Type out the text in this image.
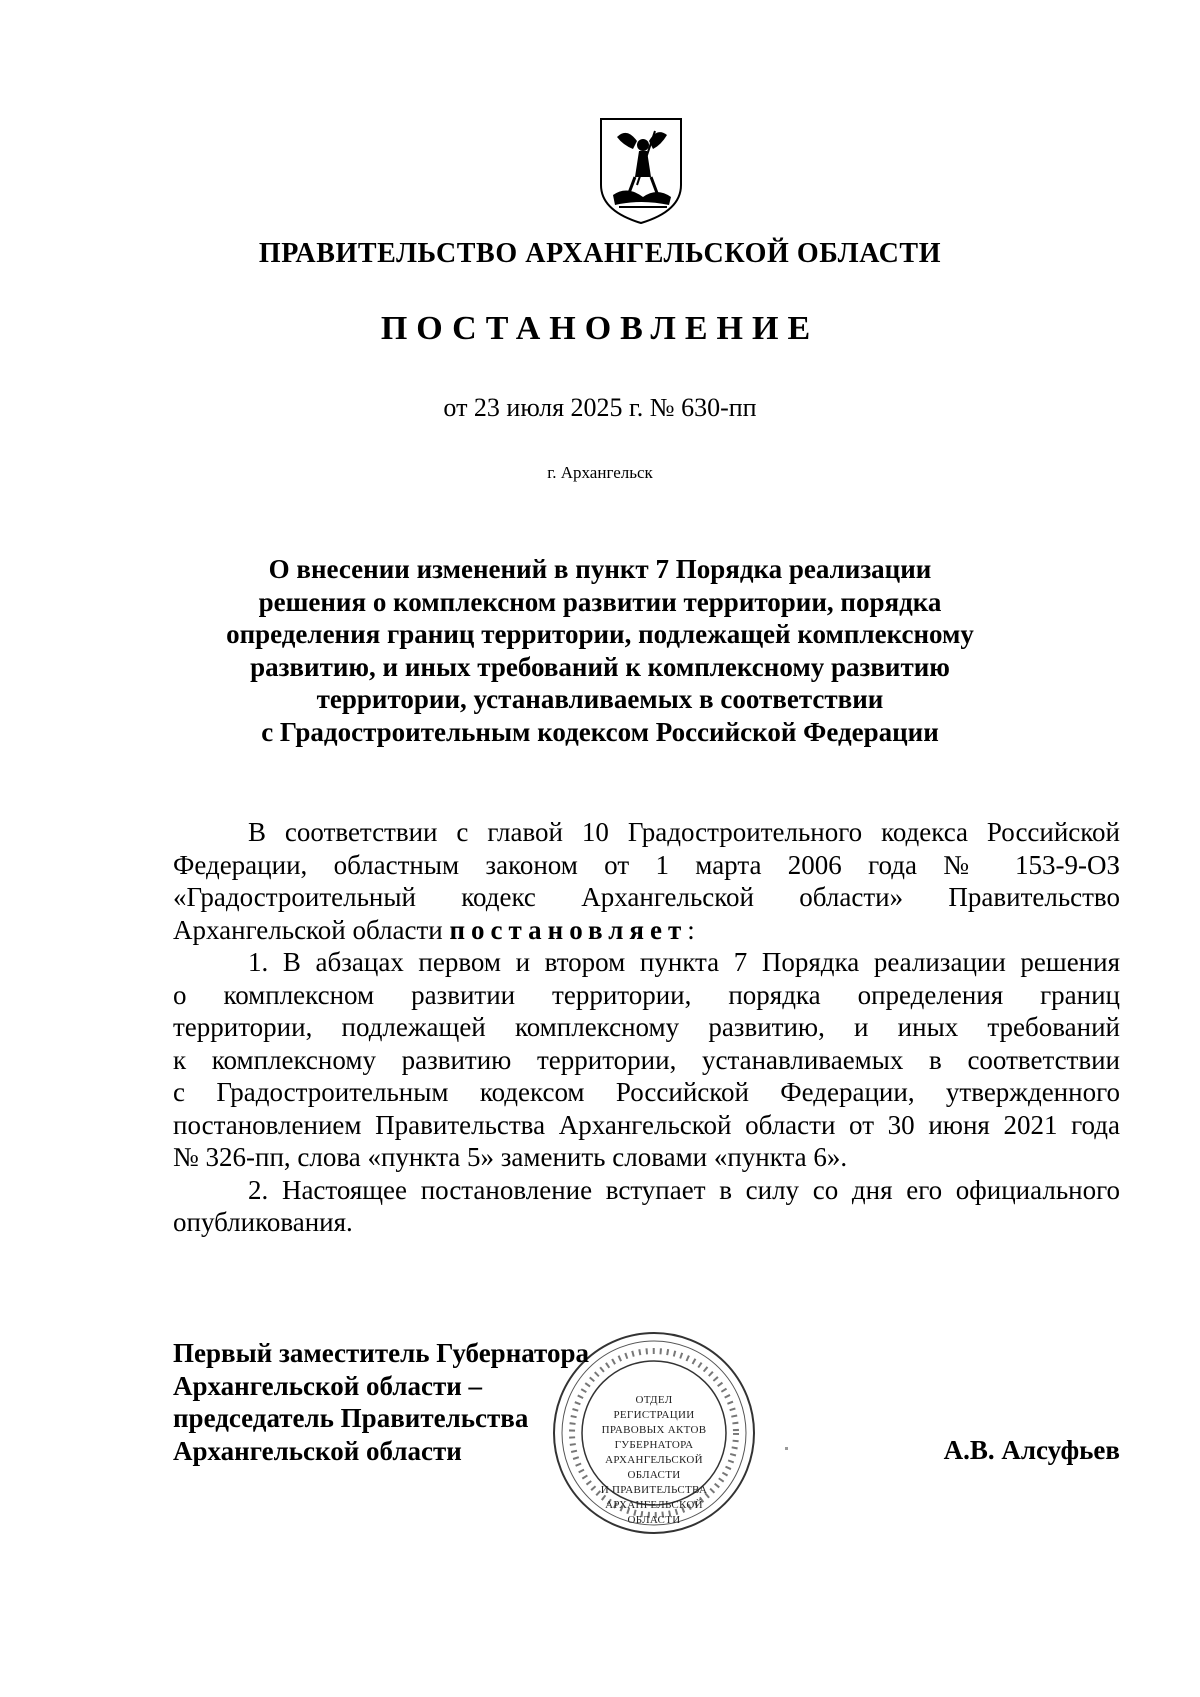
ПРАВИТЕЛЬСТВО АРХАНГЕЛЬСКОЙ ОБЛАСТИ
ПОСТАНОВЛЕНИЕ
от 23 июля 2025 г. № 630-пп
г. Архангельск
О внесении изменений в пункт 7 Порядка реализации
решения о комплексном развитии территории, порядка
определения границ территории, подлежащей комплексному
развитию, и иных требований к комплексному развитию
территории, устанавливаемых в соответствии
с Градостроительным кодексом Российской Федерации
В соответствии с главой 10 Градостроительного кодекса Российской
Федерации, областным законом от 1 марта 2006 года № 153-9-ОЗ
«Градостроительный кодекс Архангельской области» Правительство
Архангельской области постановляет:
1. В абзацах первом и втором пункта 7 Порядка реализации решения
о комплексном развитии территории, порядка определения границ
территории, подлежащей комплексному развитию, и иных требований
к комплексному развитию территории, устанавливаемых в соответствии
с Градостроительным кодексом Российской Федерации, утвержденного
постановлением Правительства Архангельской области от 30 июня 2021 года
№ 326-пп, слова «пункта 5» заменить словами «пункта 6».
2. Настоящее постановление вступает в силу со дня его официального
опубликования.
ОТДЕЛ
РЕГИСТРАЦИИ
ПРАВОВЫХ АКТОВ
ГУБЕРНАТОРА
АРХАНГЕЛЬСКОЙ
ОБЛАСТИ
И ПРАВИТЕЛЬСТВА
АРХАНГЕЛЬСКОЙ
ОБЛАСТИ
Первый заместитель Губернатора
Архангельской области –
председатель Правительства
Архангельской области	А.В. Алсуфьев
